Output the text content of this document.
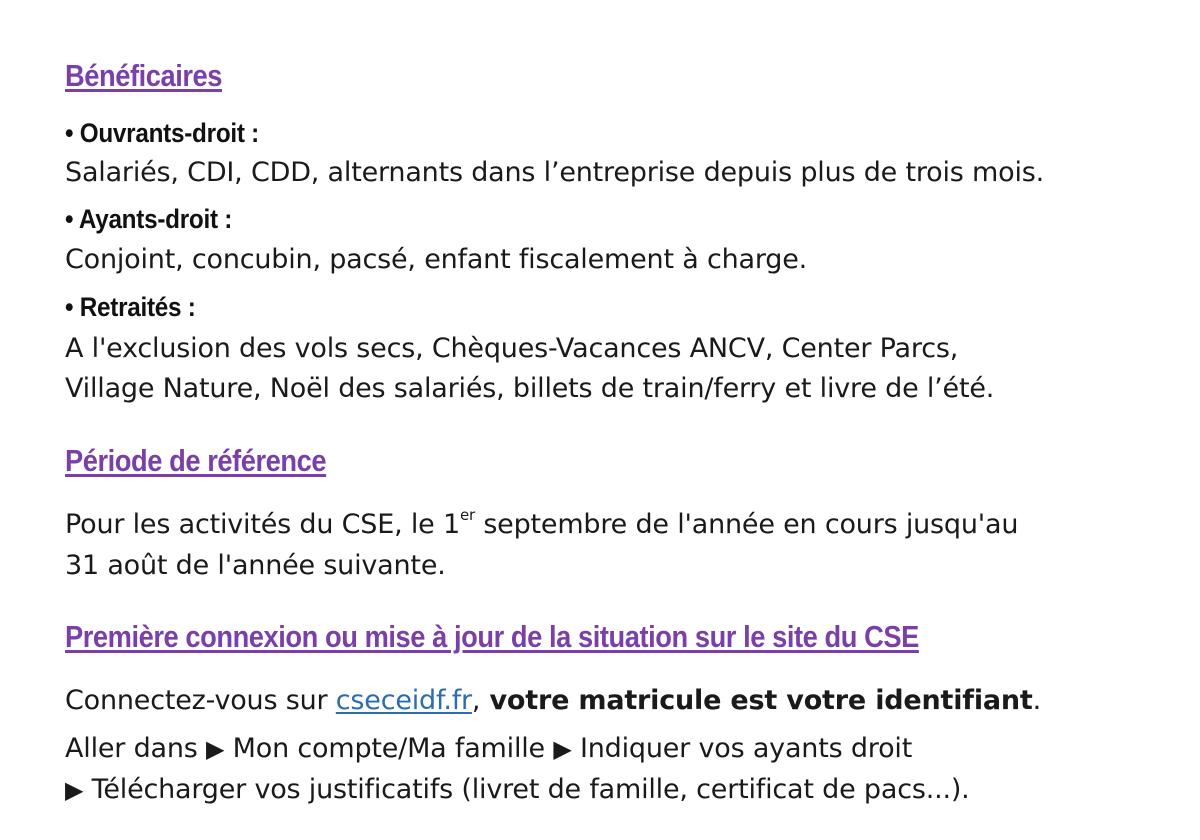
Bénéficaires
• Ouvrants-droit :
Salariés, CDI, CDD, alternants dans l’entreprise depuis plus de trois mois.
• Ayants-droit :
Conjoint, concubin, pacsé, enfant fiscalement à charge.
• Retraités :
A l'exclusion des vols secs, Chèques-Vacances ANCV, Center Parcs,
Village Nature, Noël des salariés, billets de train/ferry et livre de l’été.
Période de référence
Pour les activités du CSE, le 1er septembre de l'année en cours jusqu'au
31 août de l'année suivante.
Première connexion ou mise à jour de la situation sur le site du CSE
Connectez-vous sur cseceidf.fr, votre matricule est votre identifiant.
Aller dans ▶ Mon compte/Ma famille ▶ Indiquer vos ayants droit
▶ Télécharger vos justificatifs (livret de famille, certificat de pacs...).
